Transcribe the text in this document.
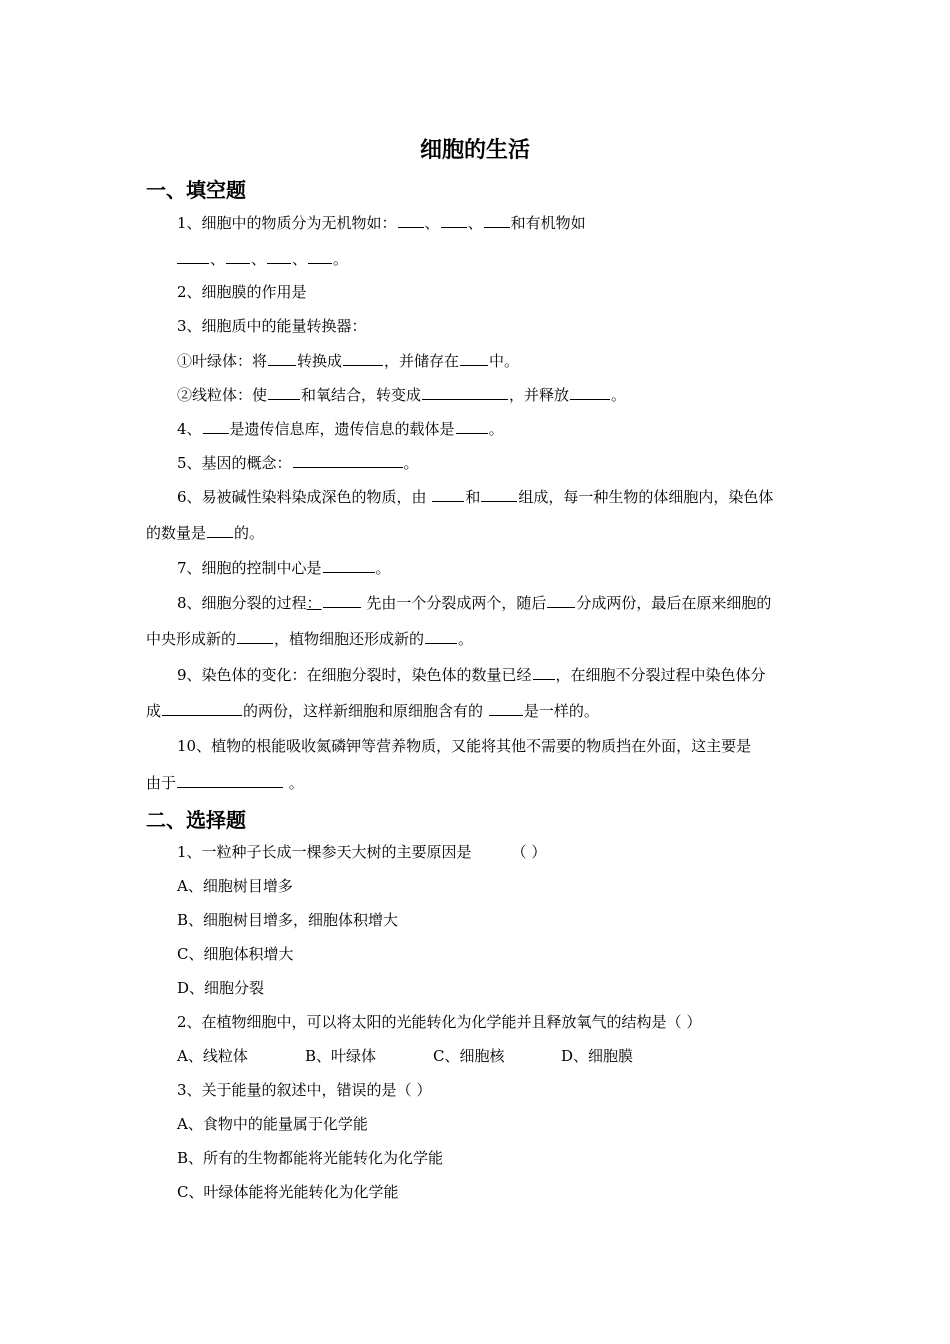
细胞的生活
一、填空题
1、细胞中的物质分为无机物如： 、 、 和有机物如
、 、 、 。
2、细胞膜的作用是
3、细胞质中的能量转换器：
①叶绿体：将 转换成	，并储存在 中。
②线粒体：使 和氧结合，转变成	，并释放	。
4、 是遗传信息库，遗传信息的载体是 。
5、基因的概念：	。
6、易被碱性染料染成深色的物质，由	和	组成，每一种生物的体细胞内，染色体
的数量是 的。
7、细胞的控制中心是	。
8、细胞分裂的过程：	先由一个分裂成两个，随后 分成两份，最后在原来细胞的
中央形成新的	，植物细胞还形成新的 。
9、染色体的变化：在细胞分裂时，染色体的数量已经 ，在细胞不分裂过程中染色体分
成	的两份，这样新细胞和原细胞含有的	是一样的。
10、植物的根能吸收氮磷钾等营养物质，又能将其他不需要的物质挡在外面，这主要是
由于	。
二、选择题
1、一粒种子长成一棵参天大树的主要原因是	（ ）
A、细胞树目增多
B、细胞树目增多，细胞体积增大
C、细胞体积增大
D、细胞分裂
2、在植物细胞中，可以将太阳的光能转化为化学能并且释放氧气的结构是（ ）
A、线粒体	B、叶绿体	C、细胞核	D、细胞膜
3、关于能量的叙述中，错误的是（ ）
A、食物中的能量属于化学能
B、所有的生物都能将光能转化为化学能
C、叶绿体能将光能转化为化学能
